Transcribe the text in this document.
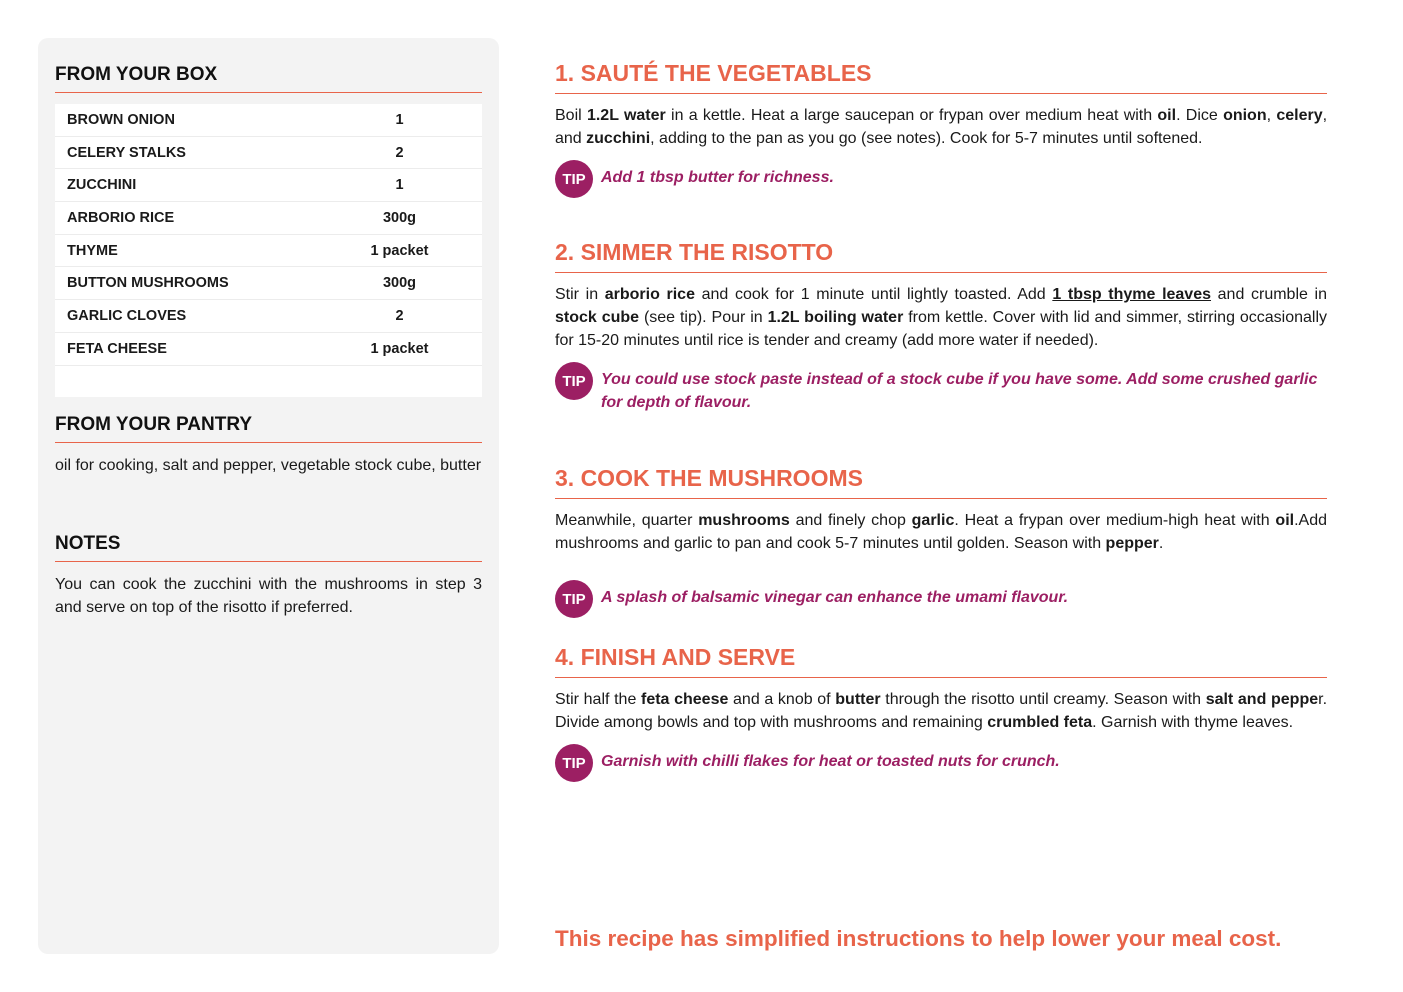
FROM YOUR BOX
BROWN ONION	1
CELERY STALKS	2
ZUCCHINI	1
ARBORIO RICE	300g
THYME	1 packet
BUTTON MUSHROOMS	300g
GARLIC CLOVES	2
FETA CHEESE	1 packet
FROM YOUR PANTRY
oil for cooking, salt and pepper, vegetable stock cube, butter
NOTES
You can cook the zucchini with the mushrooms in step 3 and serve on top of the risotto if preferred.
1. SAUTÉ THE VEGETABLES
Boil 1.2L water in a kettle. Heat a large saucepan or frypan over medium heat with oil. Dice onion, celery, and zucchini, adding to the pan as you go (see notes). Cook for 5-7 minutes until softened.
TIP Add 1 tbsp butter for richness.
2. SIMMER THE RISOTTO
Stir in arborio rice and cook for 1 minute until lightly toasted. Add 1 tbsp thyme leaves and crumble in stock cube (see tip). Pour in 1.2L boiling water from kettle. Cover with lid and simmer, stirring occasionally for 15-20 minutes until rice is tender and creamy (add more water if needed).
TIP You could use stock paste instead of a stock cube if you have some. Add some crushed garlic for depth of flavour.
3. COOK THE MUSHROOMS
Meanwhile, quarter mushrooms and finely chop garlic. Heat a frypan over medium-high heat with oil.Add mushrooms and garlic to pan and cook 5-7 minutes until golden. Season with pepper.
TIP A splash of balsamic vinegar can enhance the umami flavour.
4. FINISH AND SERVE
Stir half the feta cheese and a knob of butter through the risotto until creamy. Season with salt and pepper. Divide among bowls and top with mushrooms and remaining crumbled feta. Garnish with thyme leaves.
TIP Garnish with chilli flakes for heat or toasted nuts for crunch.
This recipe has simplified instructions to help lower your meal cost.
